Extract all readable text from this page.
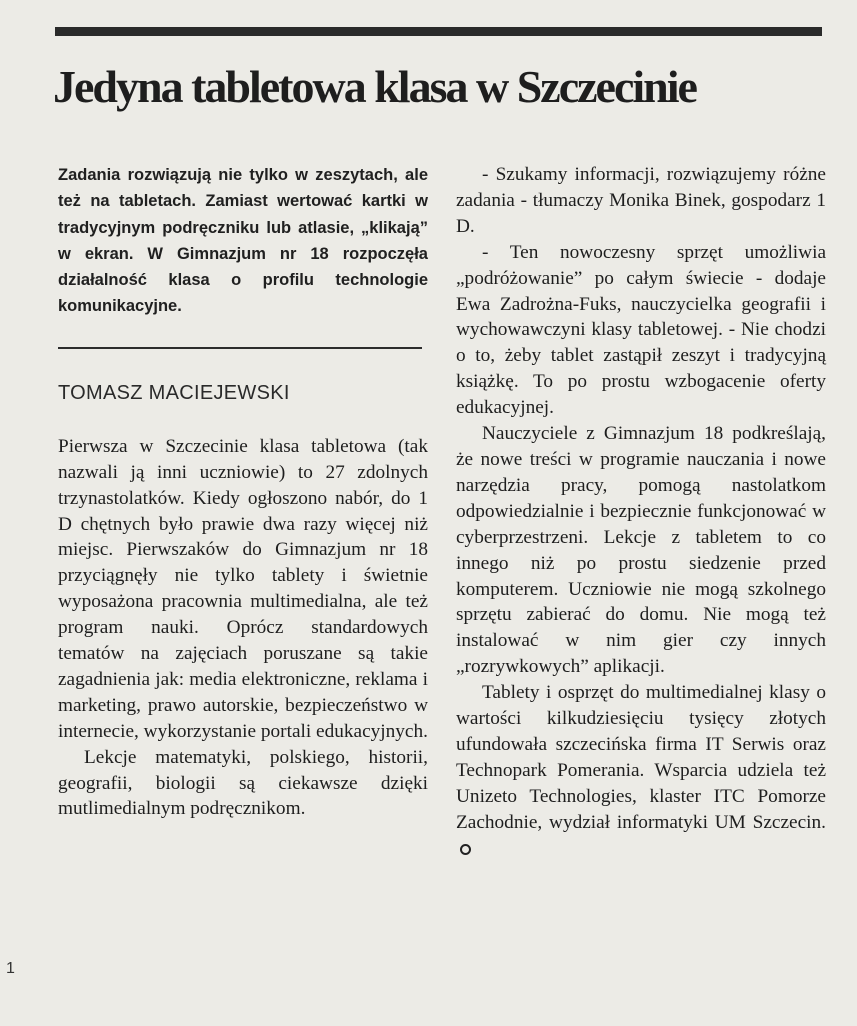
Jedyna tabletowa klasa w Szczecinie

Zadania rozwiązują nie tylko w zeszytach, ale też na tabletach. Zamiast wertować kartki w tradycyjnym podręczniku lub atlasie, „klikają” w ekran. W Gimnazjum nr 18 rozpoczęła działalność klasa o profilu technologie komunikacyjne.

TOMASZ MACIEJEWSKI

Pierwsza w Szczecinie klasa tabletowa (tak nazwali ją inni uczniowie) to 27 zdolnych trzynastolatków. Kiedy ogłoszono nabór, do 1 D chętnych było prawie dwa razy więcej niż miejsc. Pierwszaków do Gimnazjum nr 18 przyciągnęły nie tylko tablety i świetnie wyposażona pracownia multimedialna, ale też program nauki. Oprócz standardowych tematów na zajęciach poruszane są takie zagadnienia jak: media elektroniczne, reklama i marketing, prawo autorskie, bezpieczeństwo w internecie, wykorzystanie portali edukacyjnych.

Lekcje matematyki, polskiego, historii, geografii, biologii są ciekawsze dzięki mutlimedialnym podręcznikom.

- Szukamy informacji, rozwiązujemy różne zadania - tłumaczy Monika Binek, gospodarz 1 D.

- Ten nowoczesny sprzęt umożliwia „podróżowanie” po całym świecie - dodaje Ewa Zadrożna-Fuks, nauczycielka geografii i wychowawczyni klasy tabletowej. - Nie chodzi o to, żeby tablet zastąpił zeszyt i tradycyjną książkę. To po prostu wzbogacenie oferty edukacyjnej.

Nauczyciele z Gimnazjum 18 podkreślają, że nowe treści w programie nauczania i nowe narzędzia pracy, pomogą nastolatkom odpowiedzialnie i bezpiecznie funkcjonować w cyberprzestrzeni. Lekcje z tabletem to co innego niż po prostu siedzenie przed komputerem. Uczniowie nie mogą szkolnego sprzętu zabierać do domu. Nie mogą też instalować w nim gier czy innych „rozrywkowych” aplikacji.

Tablety i osprzęt do multimedialnej klasy o wartości kilkudziesięciu tysięcy złotych ufundowała szczecińska firma IT Serwis oraz Technopark Pomerania. Wsparcia udziela też Unizeto Technologies, klaster ITC Pomorze Zachodnie, wydział informatyki UM Szczecin.

1
